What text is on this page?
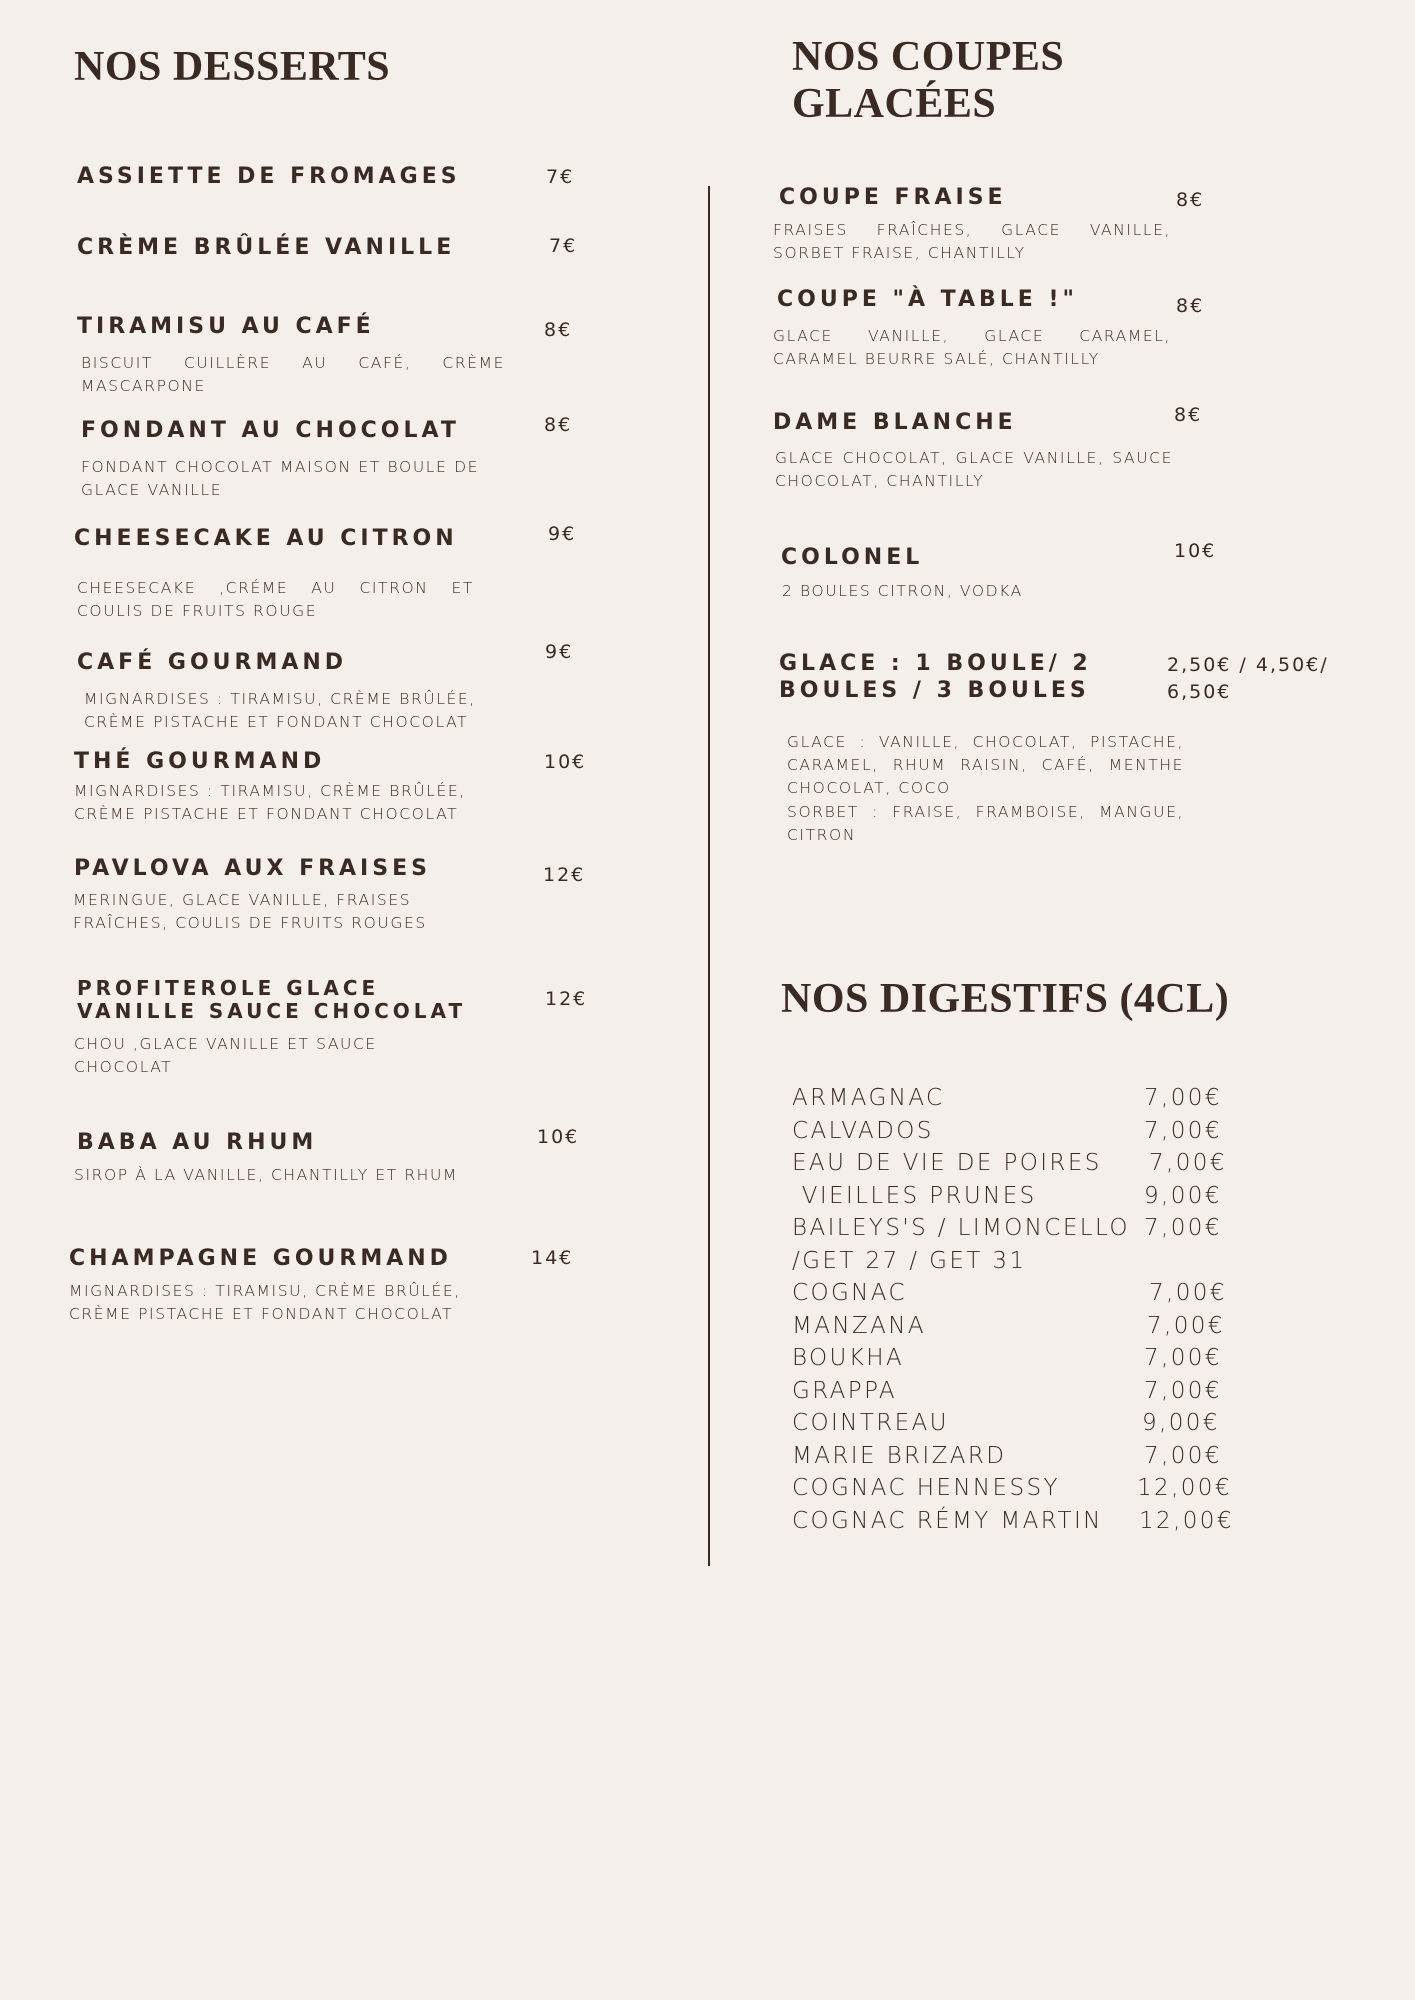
NOS DESSERTS
ASSIETTE DE FROMAGES	7€
CRÈME BRÛLÉE VANILLE	7€
TIRAMISU AU CAFÉ	8€
BISCUIT CUILLÈRE AU CAFÉ, CRÈME MASCARPONE
FONDANT AU CHOCOLAT	8€
FONDANT CHOCOLAT MAISON ET BOULE DE GLACE VANILLE
CHEESECAKE AU CITRON	9€
CHEESECAKE ,CRÉME AU CITRON ET COULIS DE FRUITS ROUGE
CAFÉ GOURMAND	9€
MIGNARDISES : TIRAMISU, CRÈME BRÛLÉE, CRÈME PISTACHE ET FONDANT CHOCOLAT
THÉ GOURMAND	10€
MIGNARDISES : TIRAMISU, CRÈME BRÛLÉE, CRÈME PISTACHE ET FONDANT CHOCOLAT
PAVLOVA AUX FRAISES	12€
MERINGUE, GLACE VANILLE, FRAISES FRAÎCHES, COULIS DE FRUITS ROUGES
PROFITEROLE GLACE VANILLE SAUCE CHOCOLAT	12€
CHOU ,GLACE VANILLE ET SAUCE CHOCOLAT
BABA AU RHUM	10€
SIROP À LA VANILLE, CHANTILLY ET RHUM
CHAMPAGNE GOURMAND	14€
MIGNARDISES : TIRAMISU, CRÈME BRÛLÉE, CRÈME PISTACHE ET FONDANT CHOCOLAT
NOS COUPES GLACÉES
COUPE FRAISE	8€
FRAISES FRAÎCHES, GLACE VANILLE, SORBET FRAISE, CHANTILLY
COUPE "À TABLE !"	8€
GLACE VANILLE, GLACE CARAMEL, CARAMEL BEURRE SALÉ, CHANTILLY
DAME BLANCHE	8€
GLACE CHOCOLAT, GLACE VANILLE, SAUCE CHOCOLAT, CHANTILLY
COLONEL	10€
2 BOULES CITRON, VODKA
GLACE : 1 BOULE/ 2 BOULES / 3 BOULES
2,50€ / 4,50€/ 6,50€
GLACE : VANILLE, CHOCOLAT, PISTACHE, CARAMEL, RHUM RAISIN, CAFÉ, MENTHE CHOCOLAT, COCO
SORBET : FRAISE, FRAMBOISE, MANGUE, CITRON
NOS DIGESTIFS (4CL)
ARMAGNAC	7,00€
CALVADOS	7,00€
EAU DE VIE DE POIRES 7,00€
VIEILLES PRUNES	9,00€
BAILEYS'S / LIMONCELLO 7,00€
/GET 27 / GET 31
COGNAC	7,00€
MANZANA	7,00€
BOUKHA	7,00€
GRAPPA	7,00€
COINTREAU	9,00€
MARIE BRIZARD	7,00€
COGNAC HENNESSY	12,00€
COGNAC RÉMY MARTIN 12,00€
